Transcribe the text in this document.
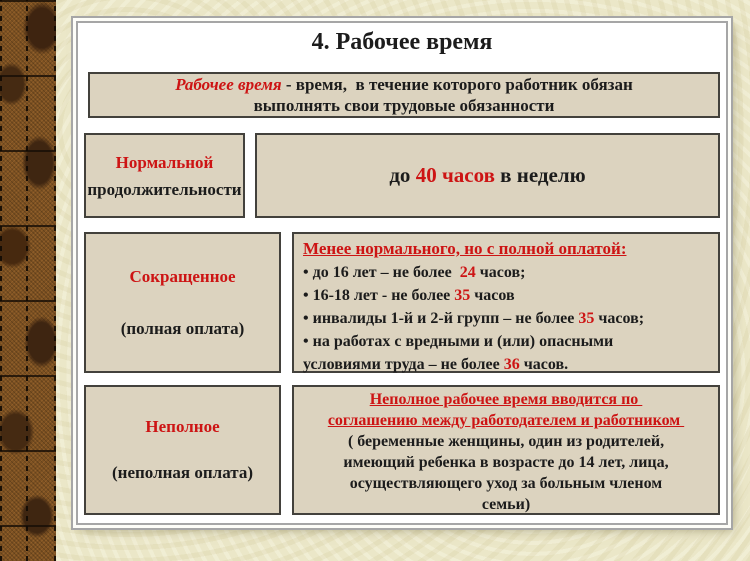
4. Рабочее время
Рабочее время - время,  в течение которого работник обязан
выполнять свои трудовые обязанности
Нормальной
продолжительности
до 40 часов в неделю
Сокращенное
(полная оплата)
Менее нормального, но с полной оплатой:
• до 16 лет – не более  24 часов;
• 16-18 лет - не более 35 часов
• инвалиды 1-й и 2-й групп – не более 35 часов;
• на работах с вредными и (или) опасными
условиями труда – не более 36 часов.
Неполное
(неполная оплата)
Неполное рабочее время вводится по
соглашению между работодателем и работником
( беременные женщины, один из родителей,
имеющий ребенка в возрасте до 14 лет, лица,
осуществляющего уход за больным членом
семьи)
